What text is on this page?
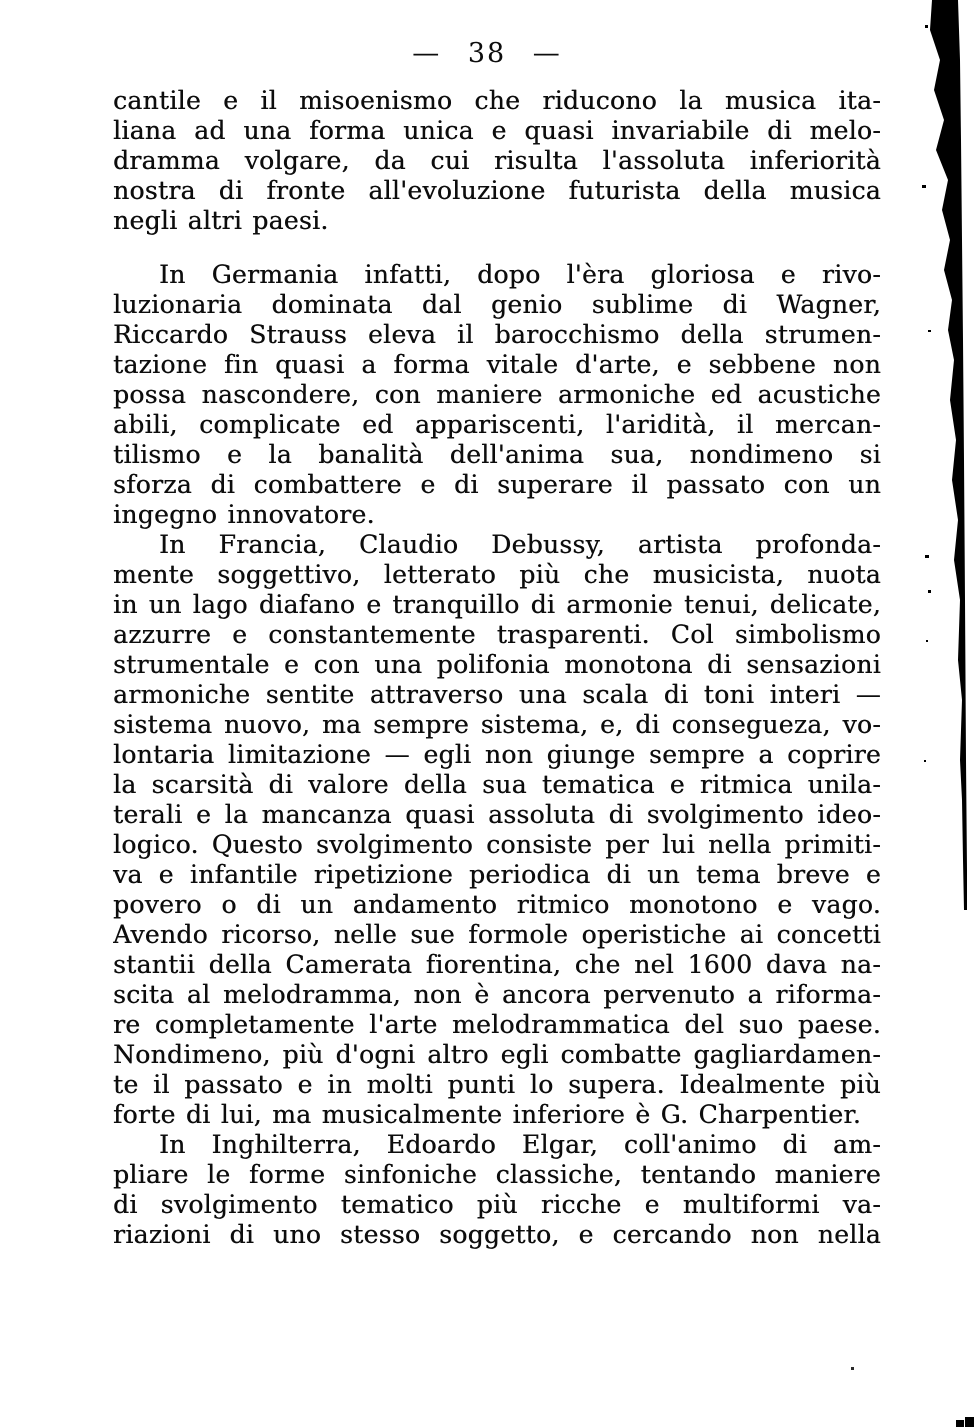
— 38 —

cantile e il misoenismo che riducono la musica ita-
liana ad una forma unica e quasi invariabile di melo-
dramma volgare, da cui risulta l'assoluta inferiorità
nostra di fronte all'evoluzione futurista della musica
negli altri paesi.

In Germania infatti, dopo l'èra gloriosa e rivo-
luzionaria dominata dal genio sublime di Wagner,
Riccardo Strauss eleva il barocchismo della strumen-
tazione fin quasi a forma vitale d'arte, e sebbene non
possa nascondere, con maniere armoniche ed acustiche
abili, complicate ed appariscenti, l'aridità, il mercan-
tilismo e la banalità dell'anima sua, nondimeno si
sforza di combattere e di superare il passato con un
ingegno innovatore.

In Francia, Claudio Debussy, artista profonda-
mente soggettivo, letterato più che musicista, nuota
in un lago diafano e tranquillo di armonie tenui, delicate,
azzurre e constantemente trasparenti. Col simbolismo
strumentale e con una polifonia monotona di sensazioni
armoniche sentite attraverso una scala di toni interi —
sistema nuovo, ma sempre sistema, e, di consegueza, vo-
lontaria limitazione — egli non giunge sempre a coprire
la scarsità di valore della sua tematica e ritmica unila-
terali e la mancanza quasi assoluta di svolgimento ideo-
logico. Questo svolgimento consiste per lui nella primiti-
va e infantile ripetizione periodica di un tema breve e
povero o di un andamento ritmico monotono e vago.
Avendo ricorso, nelle sue formole operistiche ai concetti
stantii della Camerata fiorentina, che nel 1600 dava na-
scita al melodramma, non è ancora pervenuto a riforma-
re completamente l'arte melodrammatica del suo paese.
Nondimeno, più d'ogni altro egli combatte gagliardamen-
te il passato e in molti punti lo supera. Idealmente più
forte di lui, ma musicalmente inferiore è G. Charpentier.

In Inghilterra, Edoardo Elgar, coll'animo di am-
pliare le forme sinfoniche classiche, tentando maniere
di svolgimento tematico più ricche e multiformi va-
riazioni di uno stesso soggetto, e cercando non nella
